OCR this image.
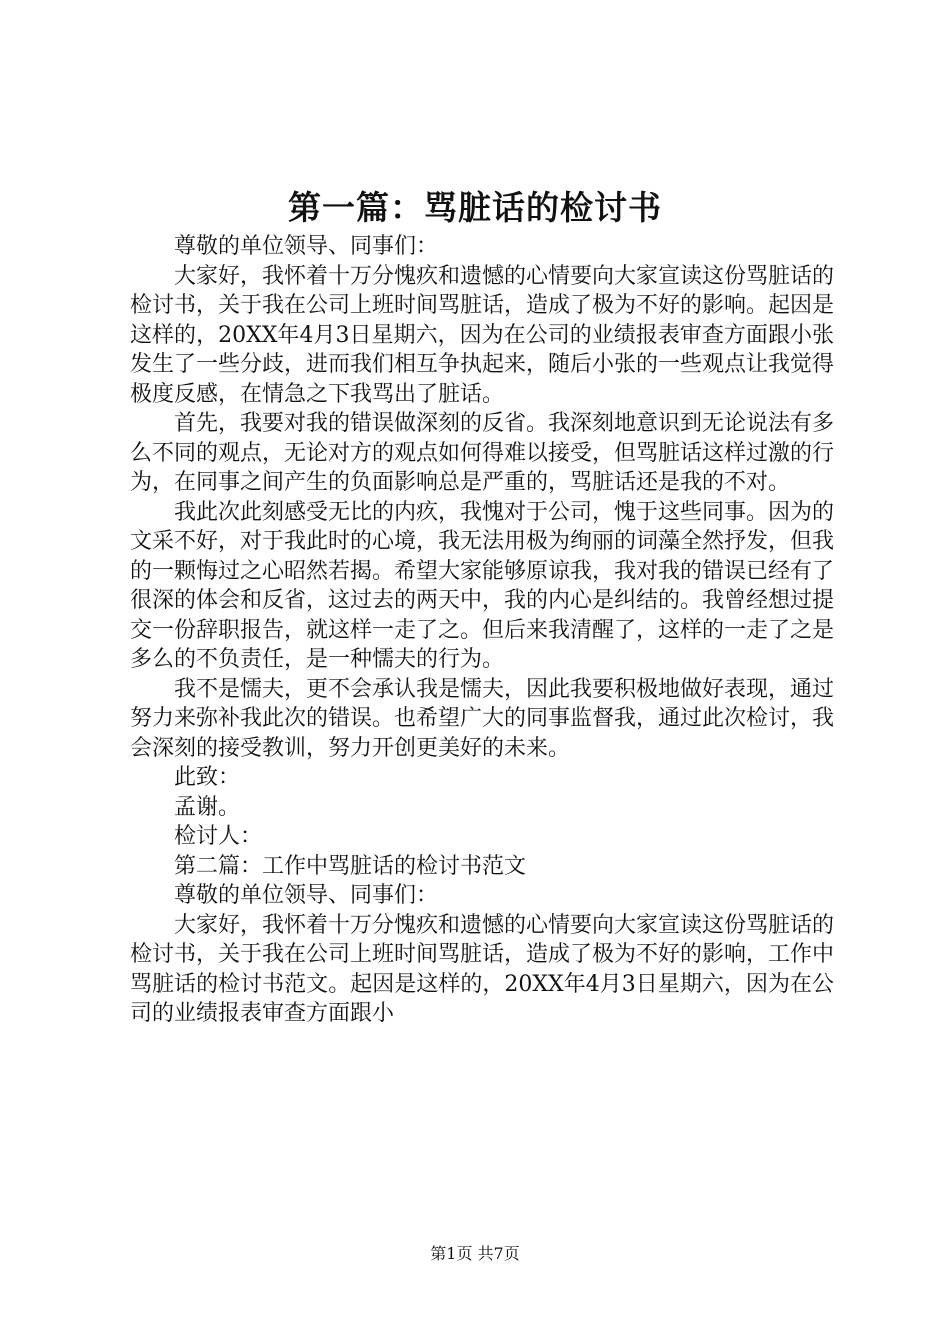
第一篇：骂脏话的检讨书

尊敬的单位领导、同事们：

大家好，我怀着十万分愧疚和遗憾的心情要向大家宣读这份骂脏话的检讨书，关于我在公司上班时间骂脏话，造成了极为不好的影响。起因是这样的，20XX年4月3日星期六，因为在公司的业绩报表审查方面跟小张发生了一些分歧，进而我们相互争执起来，随后小张的一些观点让我觉得极度反感，在情急之下我骂出了脏话。

首先，我要对我的错误做深刻的反省。我深刻地意识到无论说法有多么不同的观点，无论对方的观点如何得难以接受，但骂脏话这样过激的行为，在同事之间产生的负面影响总是严重的，骂脏话还是我的不对。

我此次此刻感受无比的内疚，我愧对于公司，愧于这些同事。因为的文采不好，对于我此时的心境，我无法用极为绚丽的词藻全然抒发，但我的一颗悔过之心昭然若揭。希望大家能够原谅我，我对我的错误已经有了很深的体会和反省，这过去的两天中，我的内心是纠结的。我曾经想过提交一份辞职报告，就这样一走了之。但后来我清醒了，这样的一走了之是多么的不负责任，是一种懦夫的行为。

我不是懦夫，更不会承认我是懦夫，因此我要积极地做好表现，通过努力来弥补我此次的错误。也希望广大的同事监督我，通过此次检讨，我会深刻的接受教训，努力开创更美好的未来。

此致：

孟谢。

检讨人：

第二篇：工作中骂脏话的检讨书范文

尊敬的单位领导、同事们：

大家好，我怀着十万分愧疚和遗憾的心情要向大家宣读这份骂脏话的检讨书，关于我在公司上班时间骂脏话，造成了极为不好的影响，工作中骂脏话的检讨书范文。起因是这样的，20XX年4月3日星期六，因为在公司的业绩报表审查方面跟小

第1页 共7页
